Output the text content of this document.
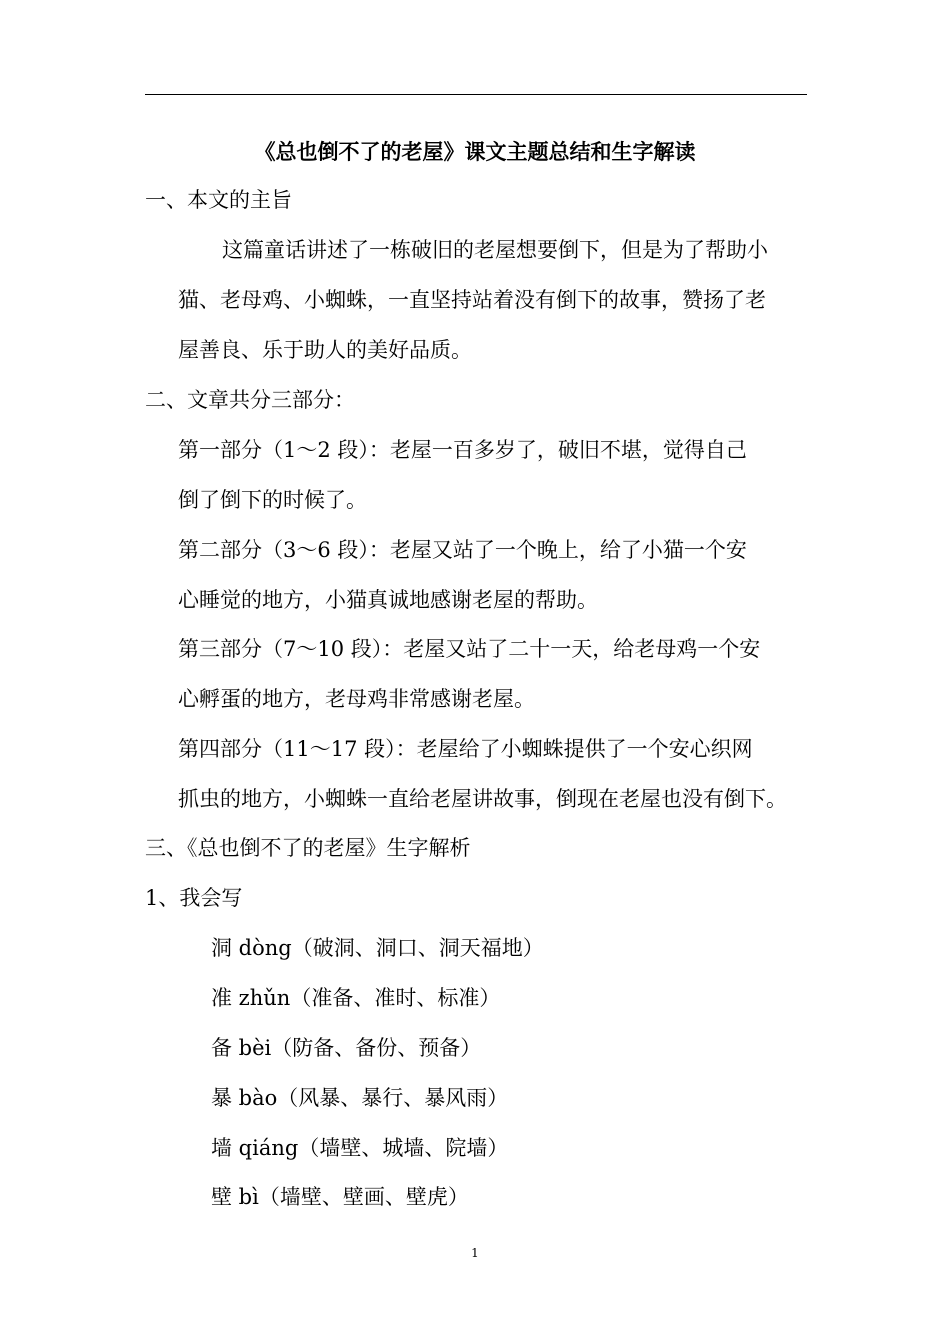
《总也倒不了的老屋》课文主题总结和生字解读
一、本文的主旨
这篇童话讲述了一栋破旧的老屋想要倒下，但是为了帮助小
猫、老母鸡、小蜘蛛，一直坚持站着没有倒下的故事，赞扬了老
屋善良、乐于助人的美好品质。
二、文章共分三部分：
第一部分（1～2 段）：老屋一百多岁了，破旧不堪，觉得自己
倒了倒下的时候了。
第二部分（3～6 段）：老屋又站了一个晚上，给了小猫一个安
心睡觉的地方，小猫真诚地感谢老屋的帮助。
第三部分（7～10 段）：老屋又站了二十一天，给老母鸡一个安
心孵蛋的地方，老母鸡非常感谢老屋。
第四部分（11～17 段）：老屋给了小蜘蛛提供了一个安心织网
抓虫的地方，小蜘蛛一直给老屋讲故事，倒现在老屋也没有倒下。
三、《总也倒不了的老屋》生字解析
1、我会写
洞 dòng（破洞、洞口、洞天福地）
准 zhǔn（准备、准时、标准）
备 bèi（防备、备份、预备）
暴 bào（风暴、暴行、暴风雨）
墙 qiáng（墙壁、城墙、院墙）
壁 bì（墙壁、壁画、壁虎）
1
